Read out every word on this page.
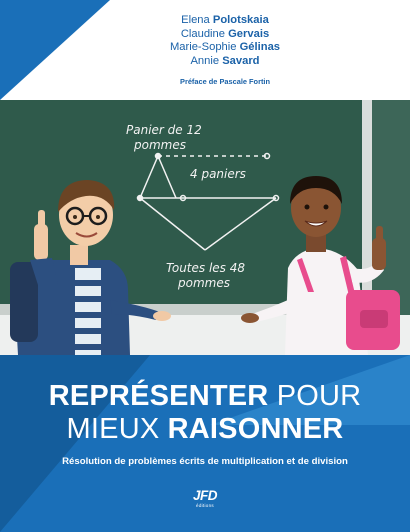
Elena Polotskaia
Claudine Gervais
Marie-Sophie Gélinas
Annie Savard
Préface de Pascale Fortin
Panier de 12
pommes
4 paniers
Toutes les 48
pommes
REPRÉSENTER POUR
MIEUX RAISONNER
Résolution de problèmes écrits de multiplication et de division
JFD
éditions
